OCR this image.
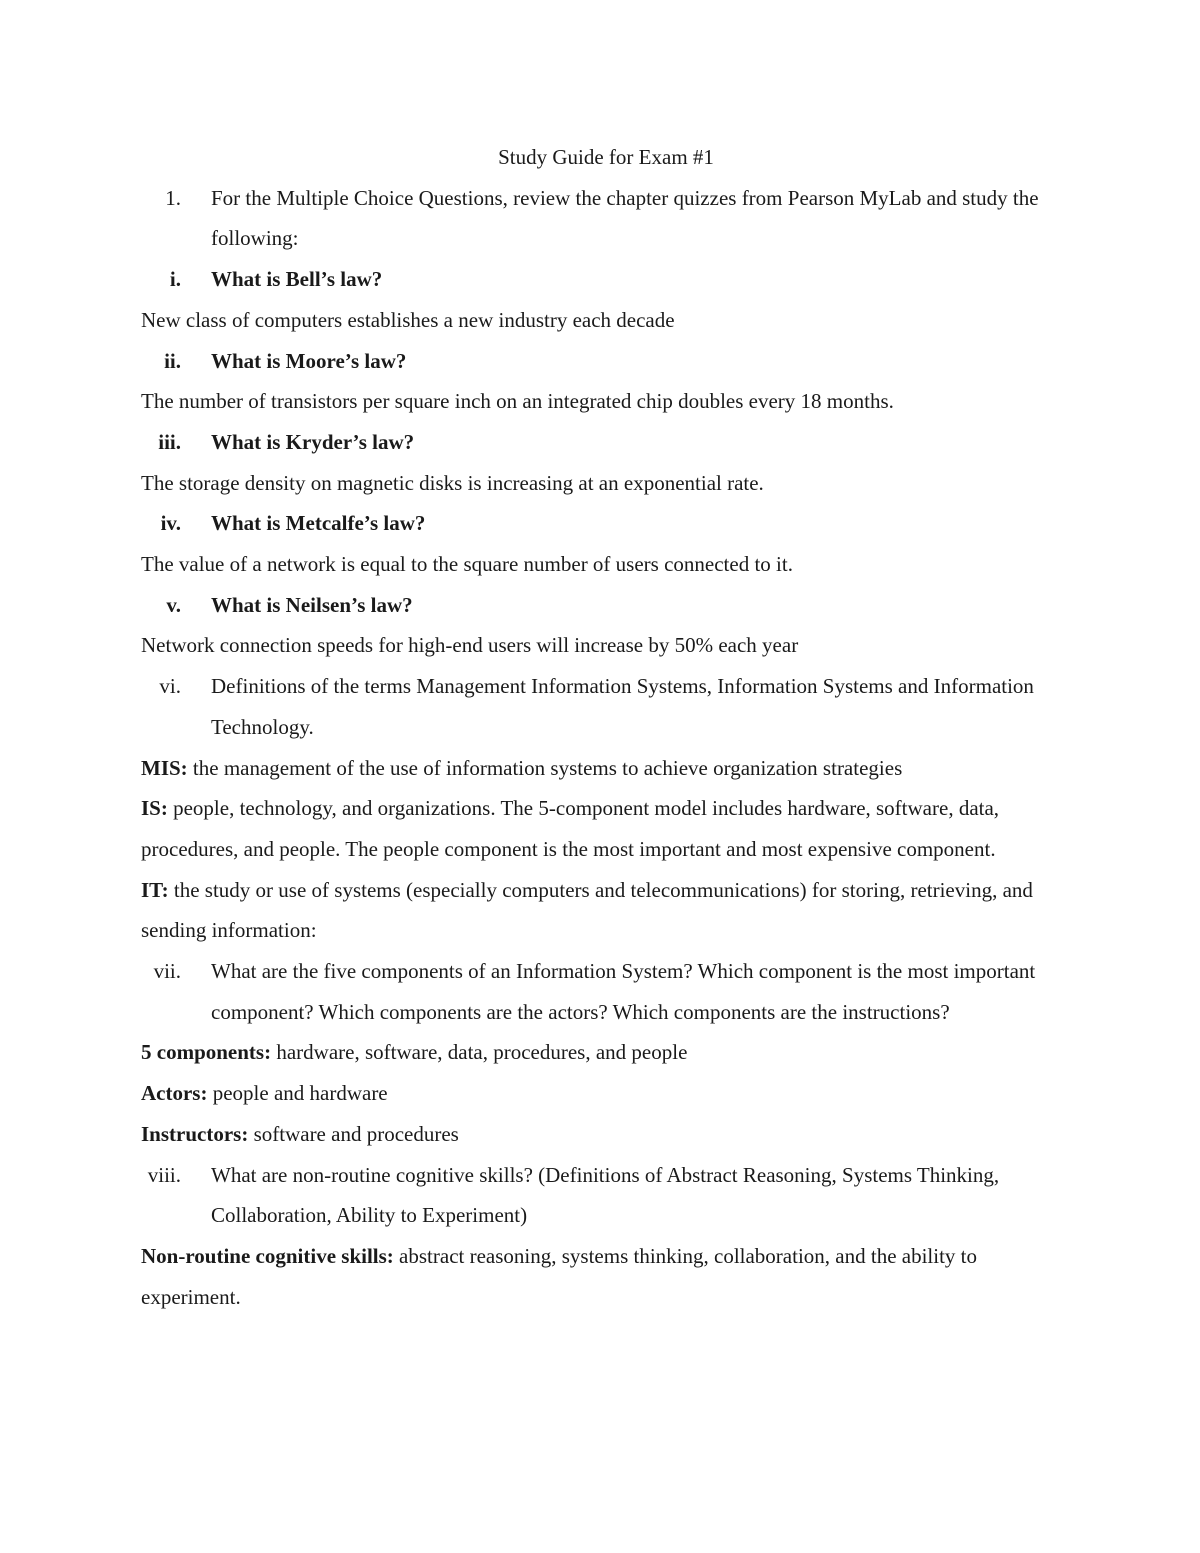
Study Guide for Exam #1

1. For the Multiple Choice Questions, review the chapter quizzes from Pearson MyLab and study the following:
i. What is Bell’s law?

New class of computers establishes a new industry each decade

ii. What is Moore’s law?

The number of transistors per square inch on an integrated chip doubles every 18 months.

iii. What is Kryder’s law?

The storage density on magnetic disks is increasing at an exponential rate.

iv. What is Metcalfe’s law?

The value of a network is equal to the square number of users connected to it.

v. What is Neilsen’s law?

Network connection speeds for high-end users will increase by 50% each year

vi. Definitions of the terms Management Information Systems, Information Systems and Information Technology.

MIS: the management of the use of information systems to achieve organization strategies

IS: people, technology, and organizations. The 5-component model includes hardware, software, data, procedures, and people. The people component is the most important and most expensive component.

IT: the study or use of systems (especially computers and telecommunications) for storing, retrieving, and sending information:

vii. What are the five components of an Information System? Which component is the most important component? Which components are the actors? Which components are the instructions?

5 components: hardware, software, data, procedures, and people

Actors: people and hardware

Instructors: software and procedures

viii. What are non-routine cognitive skills? (Definitions of Abstract Reasoning, Systems Thinking, Collaboration, Ability to Experiment)

Non-routine cognitive skills: abstract reasoning, systems thinking, collaboration, and the ability to experiment.
